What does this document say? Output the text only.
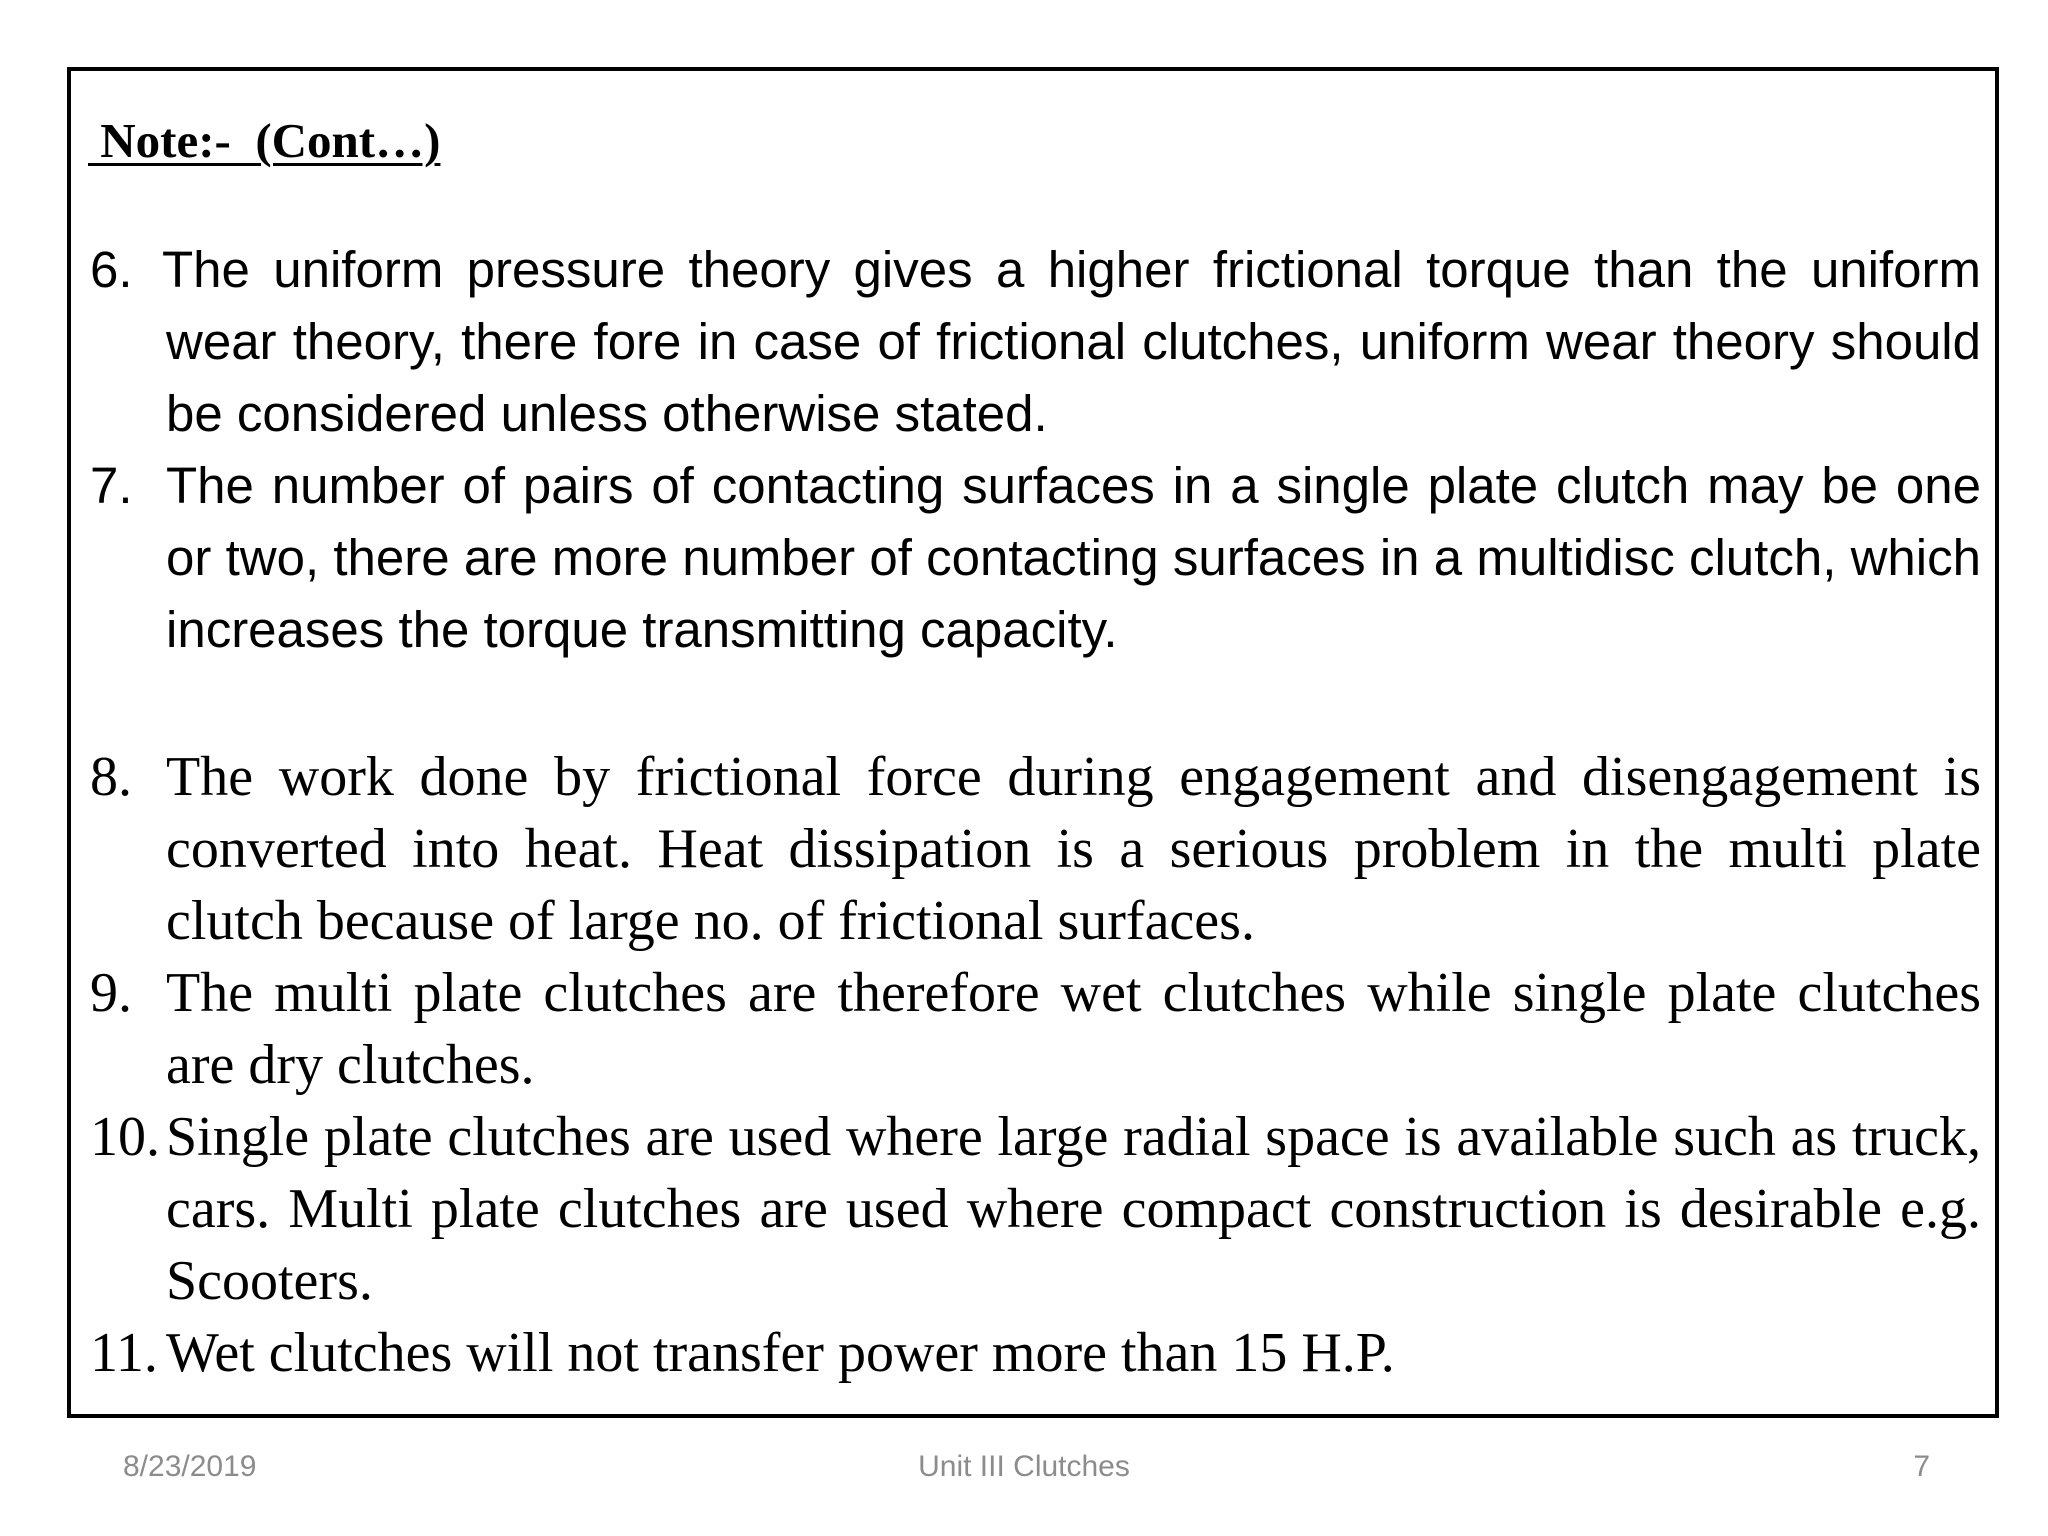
Note:-  (Cont…)

6. The uniform pressure theory gives a higher frictional torque than the uniform wear theory, there fore in case of frictional clutches, uniform wear theory should be considered unless otherwise stated.
7. The number of pairs of contacting surfaces in a single plate clutch may be one or two, there are more number of contacting surfaces in a multidisc clutch, which increases the torque transmitting capacity.
8. The work done by frictional force during engagement and disengagement is converted into heat. Heat dissipation is a serious problem in the multi plate clutch because of large no. of frictional surfaces.
9. The multi plate clutches are therefore wet clutches while single plate clutches are dry clutches.
10. Single plate clutches are used where large radial space is available such as truck, cars. Multi plate clutches are used where compact construction is desirable e.g. Scooters.
11. Wet clutches will not transfer power more than 15 H.P.

8/23/2019	Unit III Clutches	7
